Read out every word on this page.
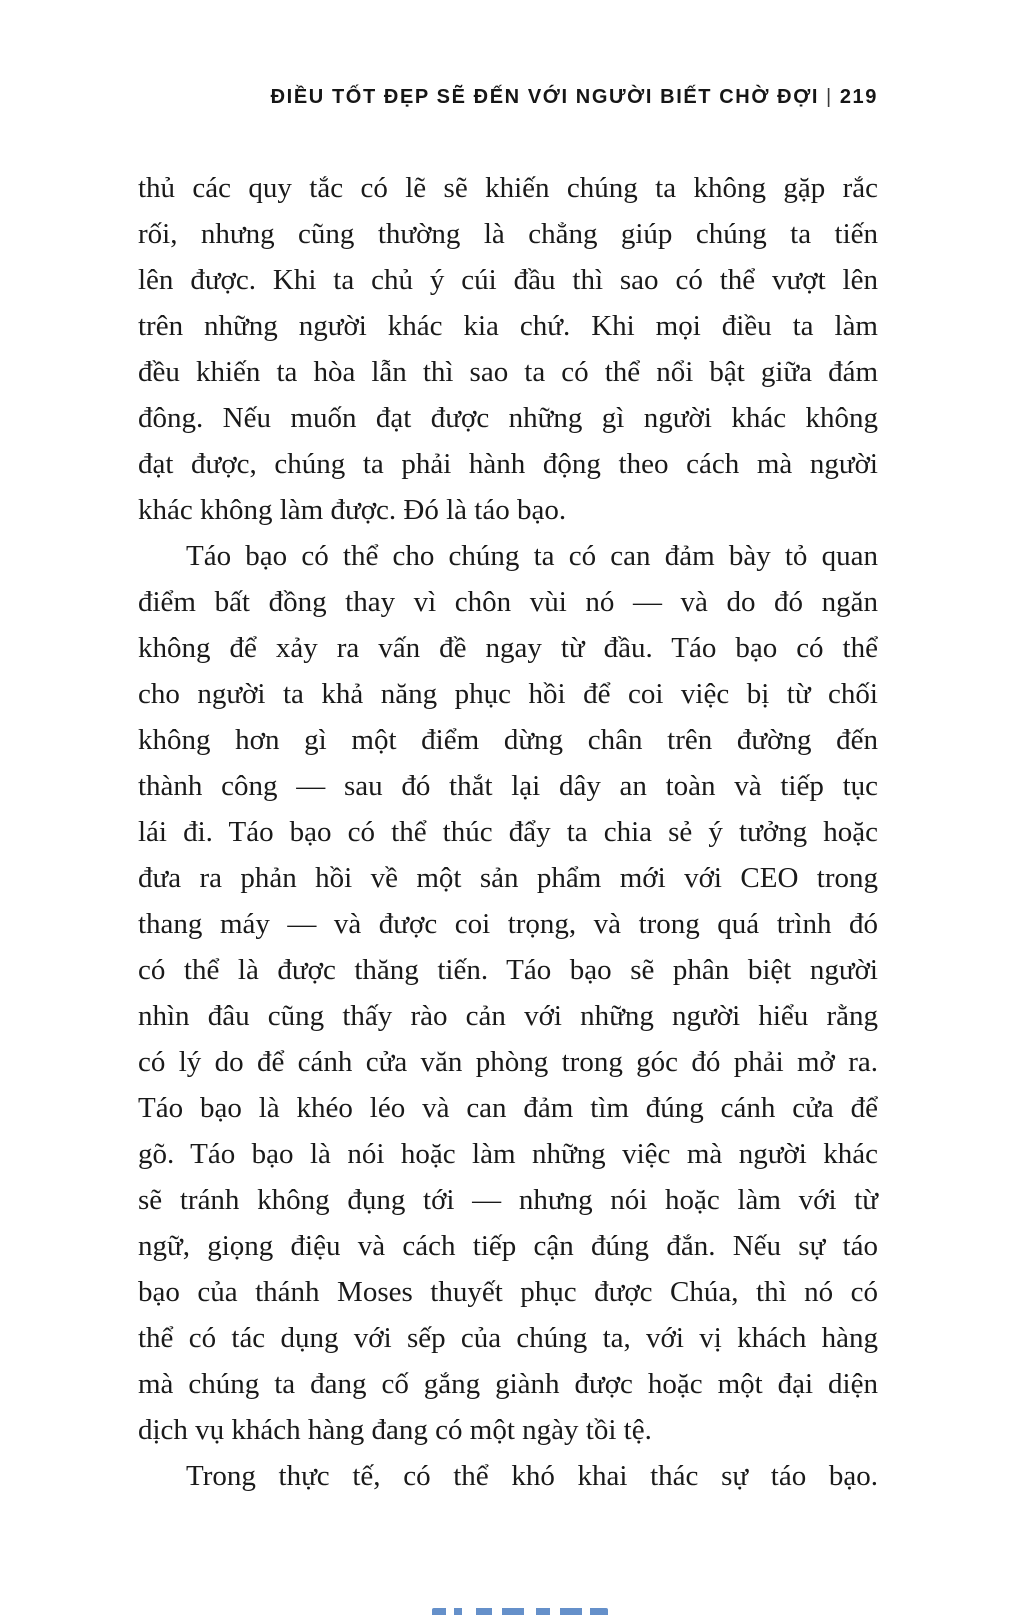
ĐIỀU TỐT ĐẸP SẼ ĐẾN VỚI NGƯỜI BIẾT CHỜ ĐỢI | 219
thủ các quy tắc có lẽ sẽ khiến chúng ta không gặp rắc
rối, nhưng cũng thường là chẳng giúp chúng ta tiến
lên được. Khi ta chủ ý cúi đầu thì sao có thể vượt lên
trên những người khác kia chứ. Khi mọi điều ta làm
đều khiến ta hòa lẫn thì sao ta có thể nổi bật giữa đám
đông. Nếu muốn đạt được những gì người khác không
đạt được, chúng ta phải hành động theo cách mà người
khác không làm được. Đó là táo bạo.
Táo bạo có thể cho chúng ta có can đảm bày tỏ quan
điểm bất đồng thay vì chôn vùi nó — và do đó ngăn
không để xảy ra vấn đề ngay từ đầu. Táo bạo có thể
cho người ta khả năng phục hồi để coi việc bị từ chối
không hơn gì một điểm dừng chân trên đường đến
thành công — sau đó thắt lại dây an toàn và tiếp tục
lái đi. Táo bạo có thể thúc đẩy ta chia sẻ ý tưởng hoặc
đưa ra phản hồi về một sản phẩm mới với CEO trong
thang máy — và được coi trọng, và trong quá trình đó
có thể là được thăng tiến. Táo bạo sẽ phân biệt người
nhìn đâu cũng thấy rào cản với những người hiểu rằng
có lý do để cánh cửa văn phòng trong góc đó phải mở ra.
Táo bạo là khéo léo và can đảm tìm đúng cánh cửa để
gõ. Táo bạo là nói hoặc làm những việc mà người khác
sẽ tránh không đụng tới — nhưng nói hoặc làm với từ
ngữ, giọng điệu và cách tiếp cận đúng đắn. Nếu sự táo
bạo của thánh Moses thuyết phục được Chúa, thì nó có
thể có tác dụng với sếp của chúng ta, với vị khách hàng
mà chúng ta đang cố gắng giành được hoặc một đại diện
dịch vụ khách hàng đang có một ngày tồi tệ.
Trong thực tế, có thể khó khai thác sự táo bạo.
